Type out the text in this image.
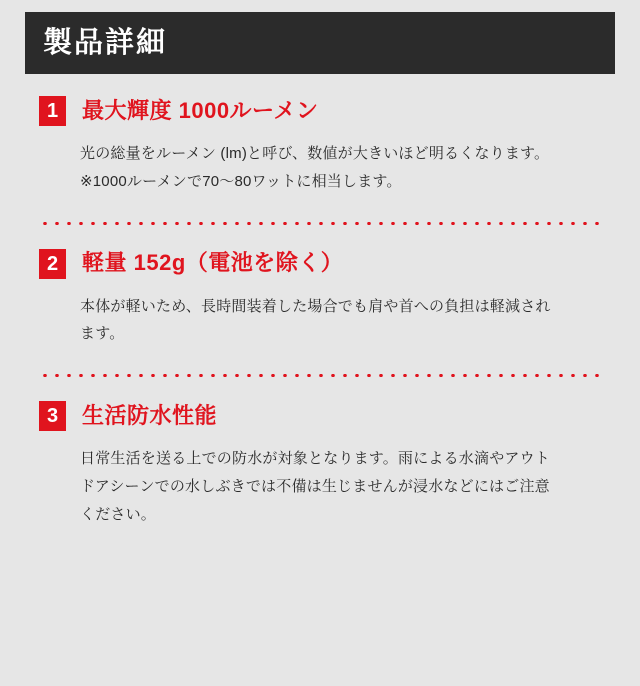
製品詳細
1	最大輝度 1000ルーメン
光の総量をルーメン (lm)と呼び、数値が大きいほど明るくなります。※1000ルーメンで70〜80ワットに相当します。
2	軽量 152g（電池を除く）
本体が軽いため、長時間装着した場合でも肩や首への負担は軽減されます。
3	生活防水性能
日常生活を送る上での防水が対象となります。雨による水滴やアウトドアシーンでの水しぶきでは不備は生じませんが浸水などにはご注意ください。
